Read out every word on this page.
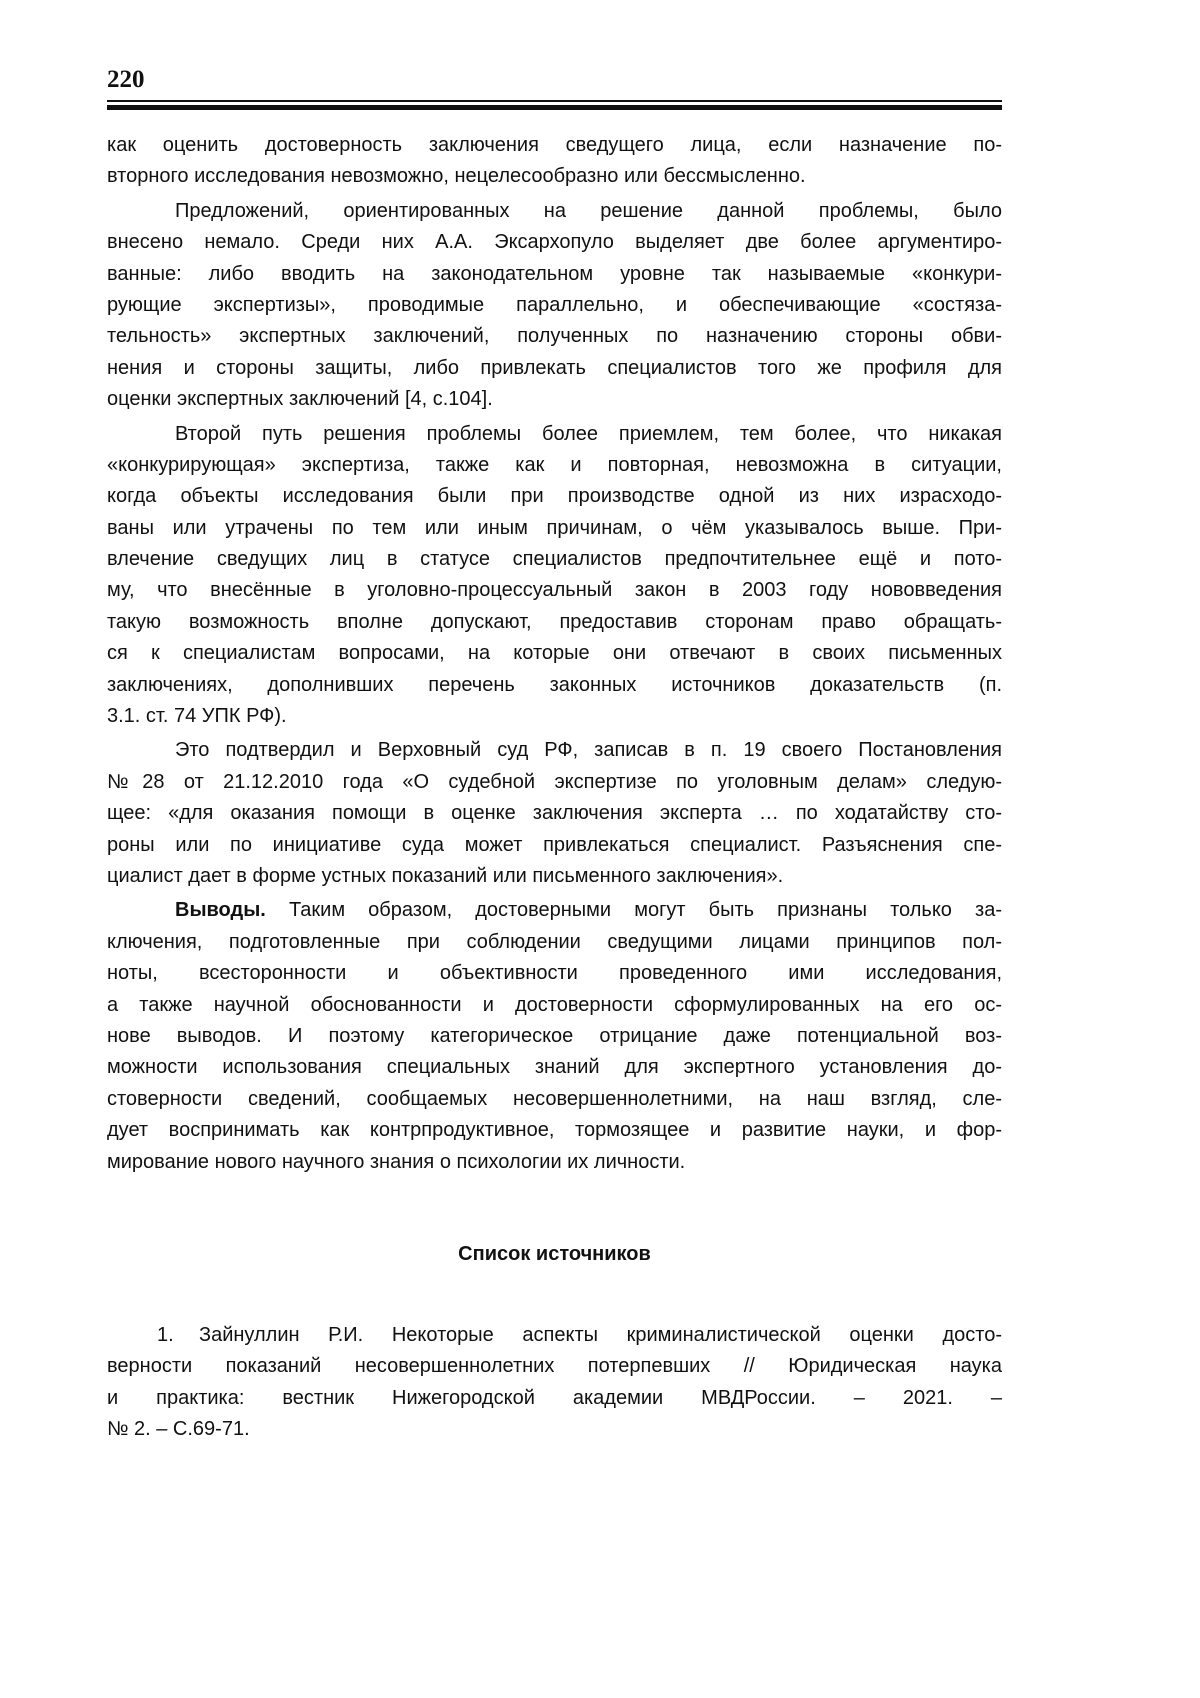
220
как оценить достоверность заключения сведущего лица, если назначение по-
вторного исследования невозможно, нецелесообразно или бессмысленно.
Предложений, ориентированных на решение данной проблемы, было
внесено немало. Среди них А.А. Эксархопуло выделяет две более аргументиро-
ванные: либо вводить на законодательном уровне так называемые «конкури-
рующие экспертизы», проводимые параллельно, и обеспечивающие «состяза-
тельность» экспертных заключений, полученных по назначению стороны обви-
нения и стороны защиты, либо привлекать специалистов того же профиля для
оценки экспертных заключений [4, с.104].
Второй путь решения проблемы более приемлем, тем более, что никакая
«конкурирующая» экспертиза, также как и повторная, невозможна в ситуации,
когда объекты исследования были при производстве одной из них израсходо-
ваны или утрачены по тем или иным причинам, о чём указывалось выше. При-
влечение сведущих лиц в статусе специалистов предпочтительнее ещё и пото-
му, что внесённые в уголовно-процессуальный закон в 2003 году нововведения
такую возможность вполне допускают, предоставив сторонам право обращать-
ся к специалистам вопросами, на которые они отвечают в своих письменных
заключениях, дополнивших перечень законных источников доказательств (п.
3.1. ст. 74 УПК РФ).
Это подтвердил и Верховный суд РФ, записав в п. 19 своего Постановления
№28 от 21.12.2010 года «О судебной экспертизе по уголовным делам» следую-
щее: «для оказания помощи в оценке заключения эксперта … по ходатайству сто-
роны или по инициативе суда может привлекаться специалист. Разъяснения спе-
циалист дает в форме устных показаний или письменного заключения».
Выводы. Таким образом, достоверными могут быть признаны только за-
ключения, подготовленные при соблюдении сведущими лицами принципов пол-
ноты, всесторонности и объективности проведенного ими исследования,
а также научной обоснованности и достоверности сформулированных на его ос-
нове выводов. И поэтому категорическое отрицание даже потенциальной воз-
можности использования специальных знаний для экспертного установления до-
стоверности сведений, сообщаемых несовершеннолетними, на наш взгляд, сле-
дует воспринимать как контрпродуктивное, тормозящее и развитие науки, и фор-
мирование нового научного знания о психологии их личности.
Список источников
1. Зайнуллин Р.И. Некоторые аспекты криминалистической оценки досто-
верности показаний несовершеннолетних потерпевших // Юридическая наука
и практика: вестник Нижегородской академии МВДРоссии. – 2021. –
№ 2. – С.69-71.
